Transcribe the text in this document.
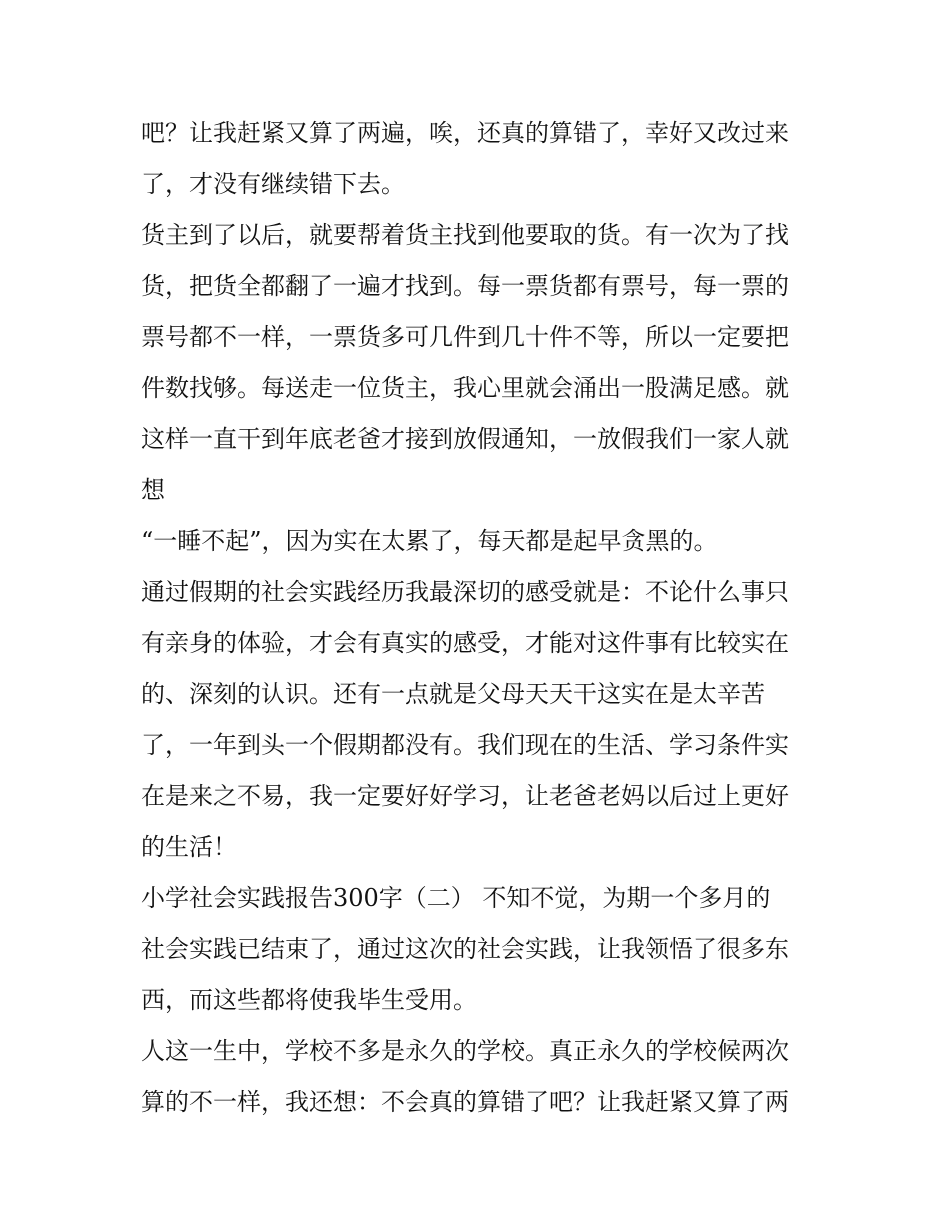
吧？让我赶紧又算了两遍，唉，还真的算错了，幸好又改过来
了，才没有继续错下去。
货主到了以后，就要帮着货主找到他要取的货。有一次为了找
货，把货全都翻了一遍才找到。每一票货都有票号，每一票的
票号都不一样，一票货多可几件到几十件不等，所以一定要把
件数找够。每送走一位货主，我心里就会涌出一股满足感。就
这样一直干到年底老爸才接到放假通知，一放假我们一家人就
想
“一睡不起”，因为实在太累了，每天都是起早贪黑的。
通过假期的社会实践经历我最深切的感受就是：不论什么事只
有亲身的体验，才会有真实的感受，才能对这件事有比较实在
的、深刻的认识。还有一点就是父母天天干这实在是太辛苦
了，一年到头一个假期都没有。我们现在的生活、学习条件实
在是来之不易，我一定要好好学习，让老爸老妈以后过上更好
的生活！
小学社会实践报告300字（二） 不知不觉，为期一个多月的
社会实践已结束了，通过这次的社会实践，让我领悟了很多东
西，而这些都将使我毕生受用。
人这一生中，学校不多是永久的学校。真正永久的学校候两次
算的不一样，我还想：不会真的算错了吧？让我赶紧又算了两
